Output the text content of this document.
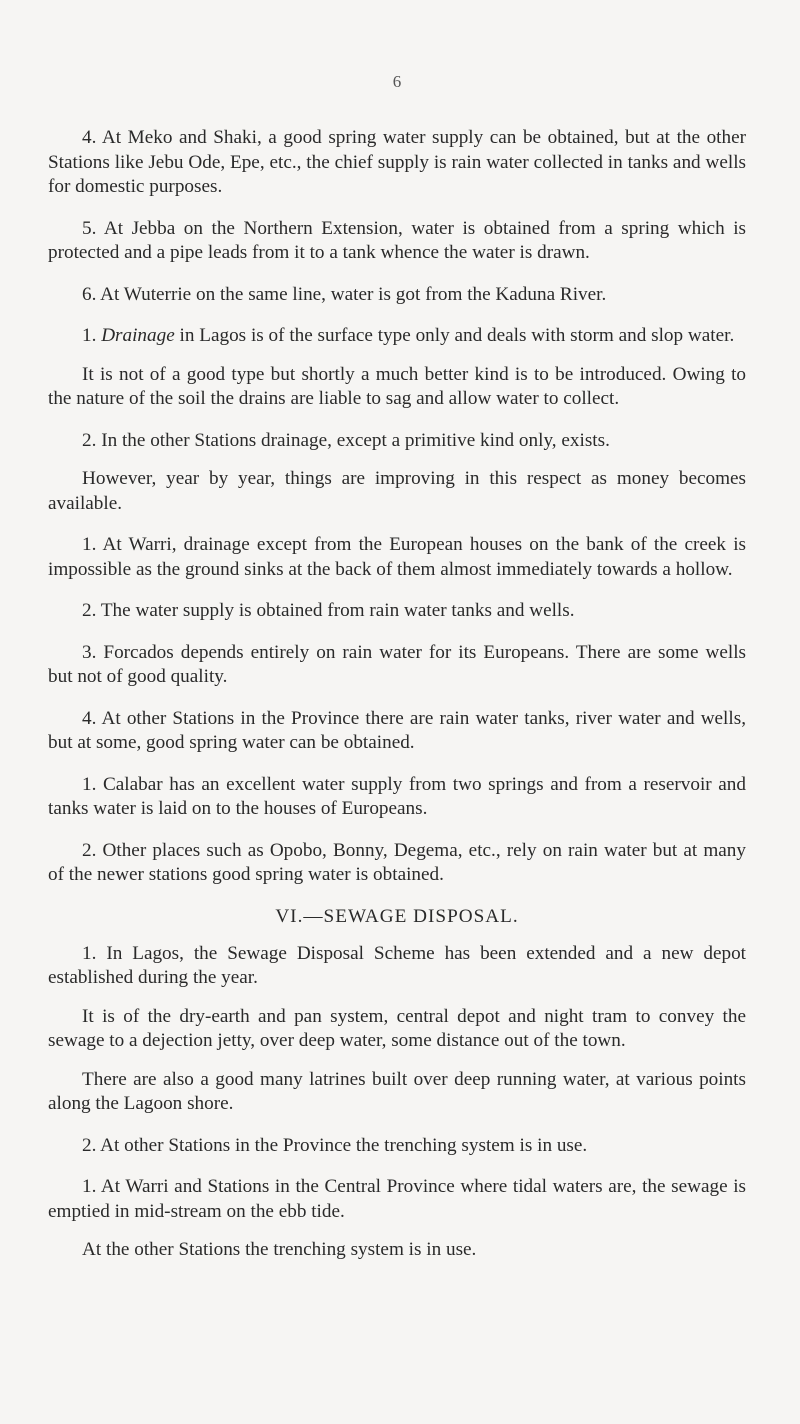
6

4. At Meko and Shaki, a good spring water supply can be obtained, but at the other Stations like Jebu Ode, Epe, etc., the chief supply is rain water collected in tanks and wells for domestic purposes.

5. At Jebba on the Northern Extension, water is obtained from a spring which is protected and a pipe leads from it to a tank whence the water is drawn.

6. At Wuterrie on the same line, water is got from the Kaduna River.

1. Drainage in Lagos is of the surface type only and deals with storm and slop water.

It is not of a good type but shortly a much better kind is to be introduced. Owing to the nature of the soil the drains are liable to sag and allow water to collect.

2. In the other Stations drainage, except a primitive kind only, exists.

However, year by year, things are improving in this respect as money becomes available.

1. At Warri, drainage except from the European houses on the bank of the creek is impossible as the ground sinks at the back of them almost immediately towards a hollow.

2. The water supply is obtained from rain water tanks and wells.

3. Forcados depends entirely on rain water for its Europeans. There are some wells but not of good quality.

4. At other Stations in the Province there are rain water tanks, river water and wells, but at some, good spring water can be obtained.

1. Calabar has an excellent water supply from two springs and from a reservoir and tanks water is laid on to the houses of Europeans.

2. Other places such as Opobo, Bonny, Degema, etc., rely on rain water but at many of the newer stations good spring water is obtained.

VI.—SEWAGE DISPOSAL.

1. In Lagos, the Sewage Disposal Scheme has been extended and a new depot established during the year.

It is of the dry-earth and pan system, central depot and night tram to convey the sewage to a dejection jetty, over deep water, some distance out of the town.

There are also a good many latrines built over deep running water, at various points along the Lagoon shore.

2. At other Stations in the Province the trenching system is in use.

1. At Warri and Stations in the Central Province where tidal waters are, the sewage is emptied in mid-stream on the ebb tide.

At the other Stations the trenching system is in use.
